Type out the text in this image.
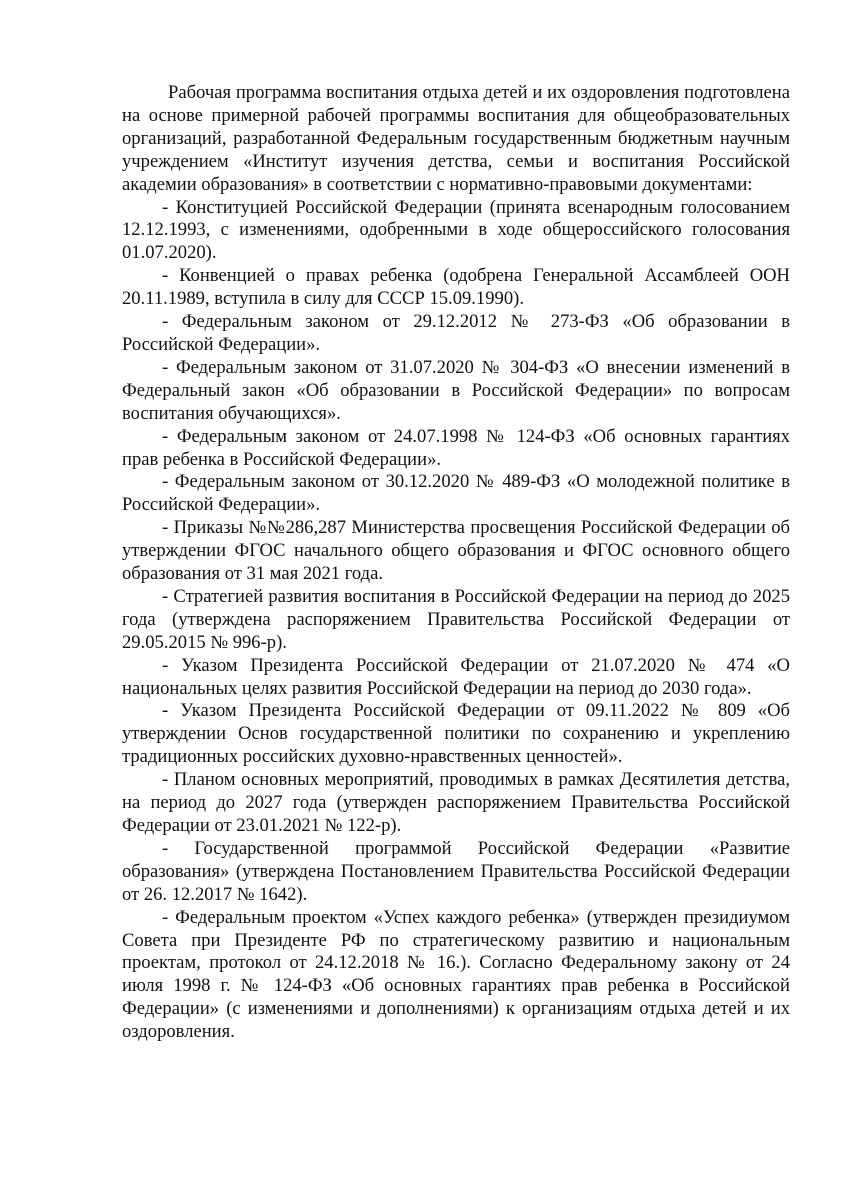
Рабочая программа воспитания отдыха детей и их оздоровления подготовлена на основе примерной рабочей программы воспитания для общеобразовательных организаций, разработанной Федеральным государственным бюджетным научным учреждением «Институт изучения детства, семьи и воспитания Российской академии образования» в соответствии с нормативно-правовыми документами:

- Конституцией Российской Федерации (принята всенародным голосованием 12.12.1993, с изменениями, одобренными в ходе общероссийского голосования 01.07.2020).

- Конвенцией о правах ребенка (одобрена Генеральной Ассамблеей ООН 20.11.1989, вступила в силу для СССР 15.09.1990).

- Федеральным законом от 29.12.2012 № 273-ФЗ «Об образовании в Российской Федерации».

- Федеральным законом от 31.07.2020 № 304-ФЗ «О внесении изменений в Федеральный закон «Об образовании в Российской Федерации» по вопросам воспитания обучающихся».

- Федеральным законом от 24.07.1998 № 124-ФЗ «Об основных гарантиях прав ребенка в Российской Федерации».

- Федеральным законом от 30.12.2020 № 489-ФЗ «О молодежной политике в Российской Федерации».

- Приказы №№286,287 Министерства просвещения Российской Федерации об утверждении ФГОС начального общего образования и ФГОС основного общего образования от 31 мая 2021 года.

- Стратегией развития воспитания в Российской Федерации на период до 2025 года (утверждена распоряжением Правительства Российской Федерации от 29.05.2015 № 996-р).

- Указом Президента Российской Федерации от 21.07.2020 № 474 «О национальных целях развития Российской Федерации на период до 2030 года».

- Указом Президента Российской Федерации от 09.11.2022 № 809 «Об утверждении Основ государственной политики по сохранению и укреплению традиционных российских духовно-нравственных ценностей».

- Планом основных мероприятий, проводимых в рамках Десятилетия детства, на период до 2027 года (утвержден распоряжением Правительства Российской Федерации от 23.01.2021 № 122-р).

- Государственной программой Российской Федерации «Развитие образования» (утверждена Постановлением Правительства Российской Федерации от 26. 12.2017 № 1642).

- Федеральным проектом «Успех каждого ребенка» (утвержден президиумом Совета при Президенте РФ по стратегическому развитию и национальным проектам, протокол от 24.12.2018 № 16.). Согласно Федеральному закону от 24 июля 1998 г. № 124-ФЗ «Об основных гарантиях прав ребенка в Российской Федерации» (с изменениями и дополнениями) к организациям отдыха детей и их оздоровления.
